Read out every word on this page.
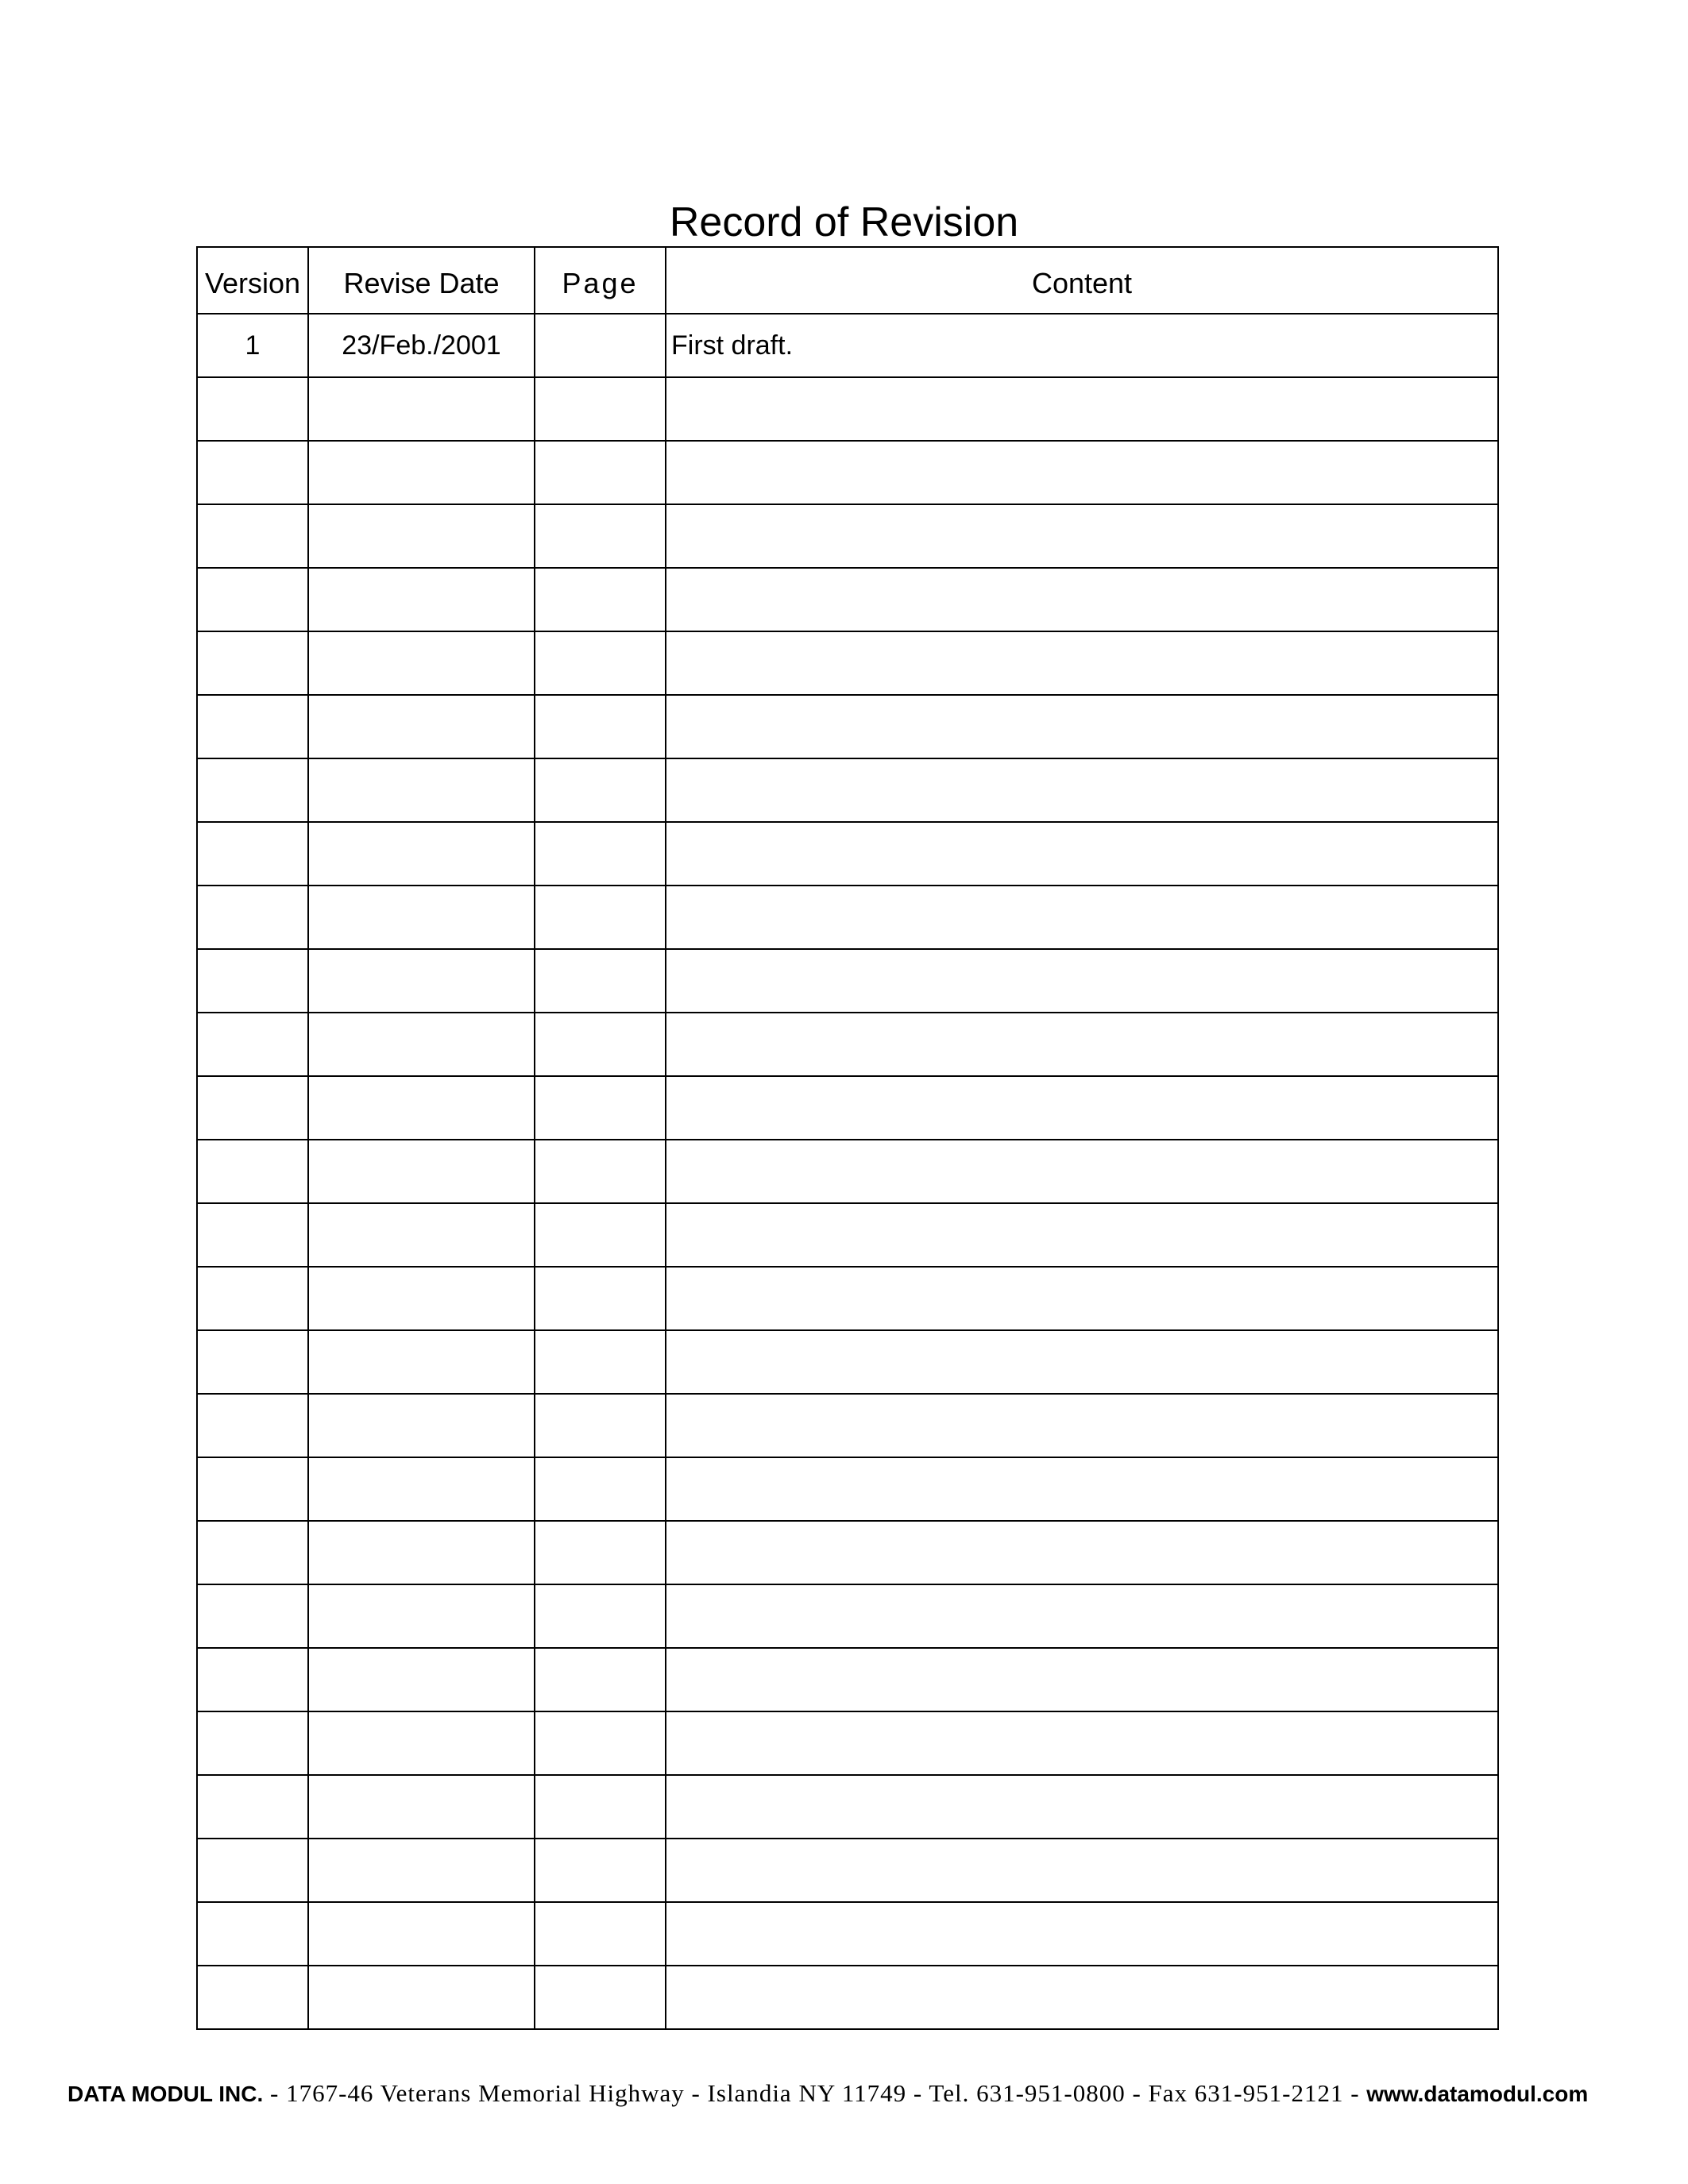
Record of Revision
Version	Revise Date	Page	Content
1	23/Feb./2001		First draft.

DATA MODUL INC. - 1767-46 Veterans Memorial Highway - Islandia NY 11749 - Tel. 631-951-0800 - Fax 631-951-2121 - www.datamodul.com
